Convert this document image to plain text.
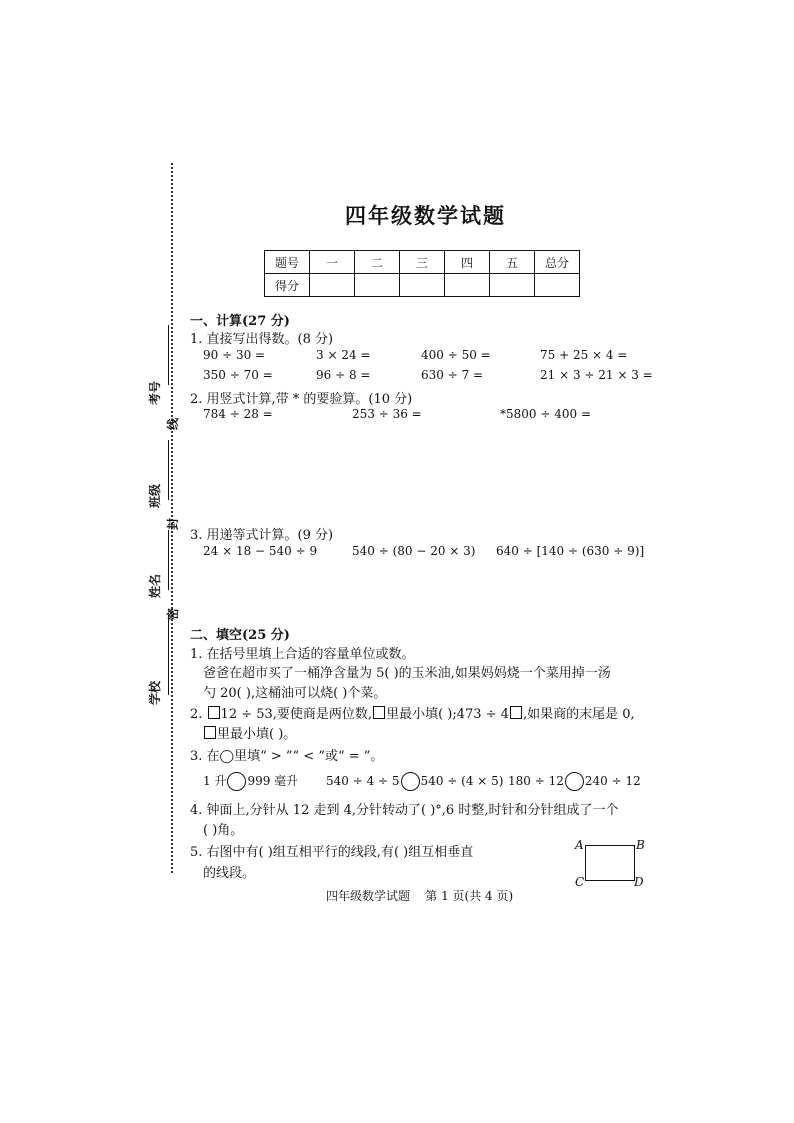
考号
班级
姓名
学校
线
封
密
四年级数学试题
题号	一	二	三	四	五	总分
得分						
一、计算(27 分)
1. 直接写出得数。(8 分)
90 ÷ 30 =	3 × 24 =	400 ÷ 50 =	75 + 25 × 4 =
350 ÷ 70 =	96 ÷ 8 =	630 ÷ 7 =	21 × 3 ÷ 21 × 3 =
2. 用竖式计算,带 * 的要验算。(10 分)
784 ÷ 28 =	253 ÷ 36 =	*5800 ÷ 400 =
3. 用递等式计算。(9 分)
24 × 18 − 540 ÷ 9	540 ÷ (80 − 20 × 3) 640 ÷ [140 ÷ (630 ÷ 9)]
二、填空(25 分)
1. 在括号里填上合适的容量单位或数。
爸爸在超市买了一桶净含量为 5( )的玉米油,如果妈妈烧一个菜用掉一汤
勺 20( ),这桶油可以烧( )个菜。
2. 12 ÷ 53,要使商是两位数, 里最小填( );473 ÷ 4 ,如果商的末尾是 0,
里最小填( )。
3. 在◯里填“ > ”“ < ”或“ = ”。
1 升 999 毫升 540 ÷ 4 ÷ 5 540 ÷ (4 × 5) 180 ÷ 12 240 ÷ 12
4. 钟面上,分针从 12 走到 4,分针转动了( )°,6 时整,时针和分针组成了一个
( )角。
5. 右图中有( )组互相平行的线段,有( )组互相垂直
的线段。
A	B
C	D
四年级数学试题    第 1 页(共 4 页)
